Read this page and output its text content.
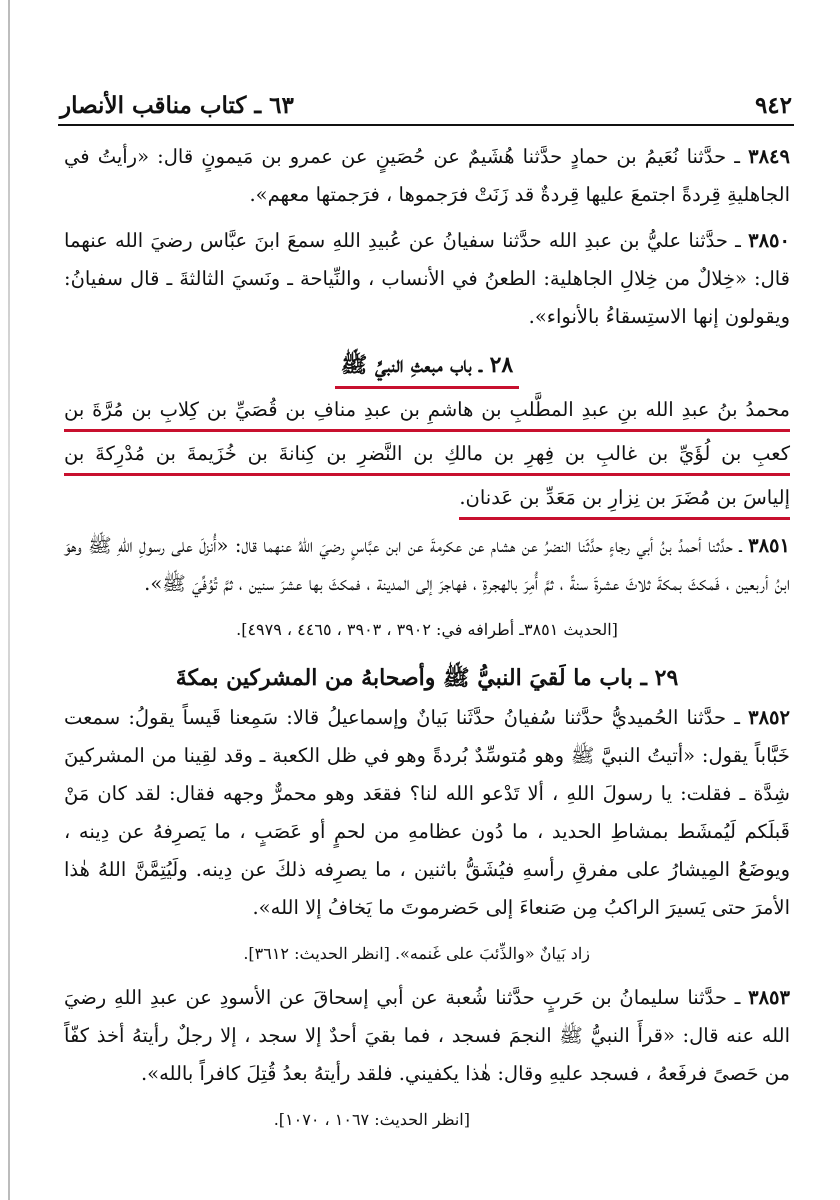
٩٤٢
٦٣ ـ كتاب مناقب الأنصار

٣٨٤٩ ـ حدَّثنا نُعَيمُ بن حمادٍ حدَّثنا هُشَيمٌ عن حُصَينٍ عن عمرو بن مَيمونٍ قال: «رأيتُ في الجاهليةِ قِردةً اجتمعَ عليها قِردةٌ قد زَنَتْ فرَجموها ، فرَجمتها معهم».

٣٨٥٠ ـ حدَّثنا عليُّ بن عبدِ الله حدَّثنا سفيانُ عن عُبيدِ اللهِ سمعَ ابنَ عبَّاس رضيَ الله عنهما قال: «خِلالٌ من خِلالِ الجاهلية: الطعنُ في الأنساب ، والنِّياحة ـ ونَسيَ الثالثةَ ـ قال سفيانُ: ويقولون إنها الاستِسقاءُ بالأنواء».

٢٨ ـ باب مبعثِ النبيِّ ﷺ
محمدُ بنُ عبدِ الله بنِ عبدِ المطَّلبِ بن هاشمِ بن عبدِ منافِ بن قُصَيِّ بن كِلابِ بن مُرَّةَ بن
كعبِ بن لُؤَيِّ بن غالبِ بن فِهرِ بن مالكِ بن النَّضرِ بن كِنانةَ بن خُزَيمةَ بن مُدْرِكةَ بن
إلياسَ بن مُضَرَ بن نِزارِ بن مَعَدِّ بن عَدنان.

٣٨٥١ ـ حدَّثنا أحمدُ بنُ أبي رجاءٍ حدَّثَنا النضرُ عن هشام عن عكرمةَ عن ابن عبَّاسٍ رضيَ اللهُ عنهما قال: «أُنزلَ على رسولِ اللهِ ﷺ وهوَ ابنُ أربعين ، فَمكثَ بمكةَ ثلاثَ عشرةَ سنةً ، ثمَّ أُمِرَ بالهجرةِ ، فهاجرَ إلى المدينة ، فمكثَ بها عشرَ سنين ، ثمَّ تُوُفِّيَ ﷺ».

[الحديث ٣٨٥١ـ أطرافه في: ٣٩٠٢ ، ٣٩٠٣ ، ٤٤٦٥ ، ٤٩٧٩].
٢٩ ـ باب ما لَقيَ النبيُّ ﷺ وأصحابهُ من المشركين بمكةَ

٣٨٥٢ ـ حدَّثنا الحُميديُّ حدَّثنا سُفيانُ حدَّثَنا بَيانٌ وإسماعيلُ قالا: سَمِعنا قَيساً يقولُ: سمعت خَبَّاباً يقول: «أتيتُ النبيَّ ﷺ وهو مُتوسِّدٌ بُردةً وهو في ظل الكعبة ـ وقد لقِينا من المشركينَ شِدَّة ـ فقلت: يا رسولَ اللهِ ، ألا تَدْعو الله لنا؟ فقعَد وهو محمرٌّ وجهه فقال: لقد كان مَنْ قَبلَكم لَيُمشَط بمشاطِ الحديد ، ما دُون عظامهِ من لحمٍ أو عَصَبٍ ، ما يَصرِفهُ عن دِينه ، ويوضَعُ المِيشارُ على مفرقِ رأسهِ فيُشَقُّ باثنين ، ما يصرِفه ذلكَ عن دِينه. ولَيُتِمَّنَّ اللهُ هٰذا الأمرَ حتى يَسيرَ الراكبُ مِن صَنعاءَ إلى حَضرموتَ ما يَخافُ إلا الله».

زاد بَيانٌ «والذِّئبَ على غَنمه». [انظر الحديث: ٣٦١٢].

٣٨٥٣ ـ حدَّثنا سليمانُ بن حَربٍ حدَّثنا شُعبة عن أبي إسحاقَ عن الأسودِ عن عبدِ اللهِ رضيَ الله عنه قال: «قرأَ النبيُّ ﷺ النجمَ فسجد ، فما بقيَ أحدٌ إلا سجد ، إلا رجلٌ رأيتهُ أخذ كفّاً من حَصىً فرفَعهُ ، فسجد عليهِ وقال: هٰذا يكفيني. فلقد رأيتهُ بعدُ قُتِلَ كافراً بالله».

[انظر الحديث: ١٠٦٧ ، ١٠٧٠].
